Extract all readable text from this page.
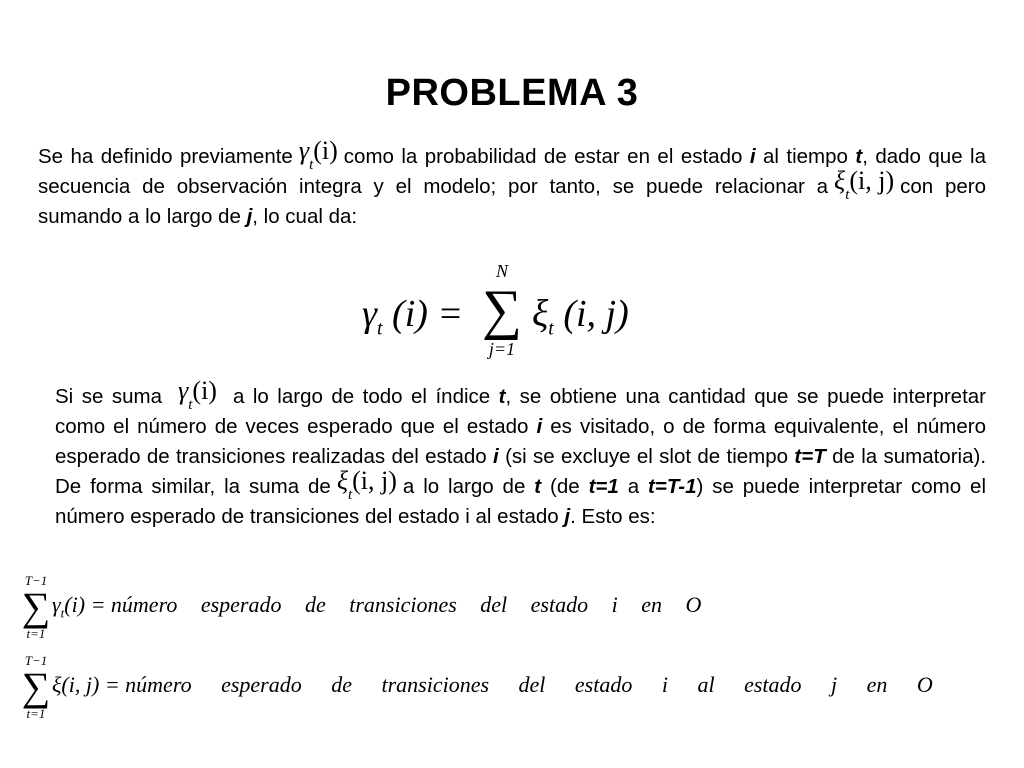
PROBLEMA 3
Se ha definido previamente $\gamma_t(i)$ como la probabilidad de estar en el estado i al tiempo t, dado que la secuencia de observación integra y el modelo; por tanto, se puede relacionar a $\xi_t(i$, j) con pero sumando a lo largo de j, lo cual da:
$\gamma_t$ (i) =
N
∑
j=1
$\xi_t$ (i, j)
Si se suma $\gamma_t(i)$ a lo largo de todo el índice t, se obtiene una cantidad que se puede interpretar como el número de veces esperado que el estado i es visitado, o de forma equivalente, el número esperado de transiciones realizadas del estado i (si se excluye el slot de tiempo t=T de la sumatoria). De forma similar, la suma de $\xi_t(i$, j) a lo largo de t (de t=1 a t=T-1) se puede interpretar como el número esperado de transiciones del estado i al estado j. Esto es:
T−1
∑
t=1
$\gamma_t(i)$ = número esperado de transiciones del estado i en O
T−1
∑
t=1
ξ(i, j) = número esperado de transiciones del estado i al estado j en O
